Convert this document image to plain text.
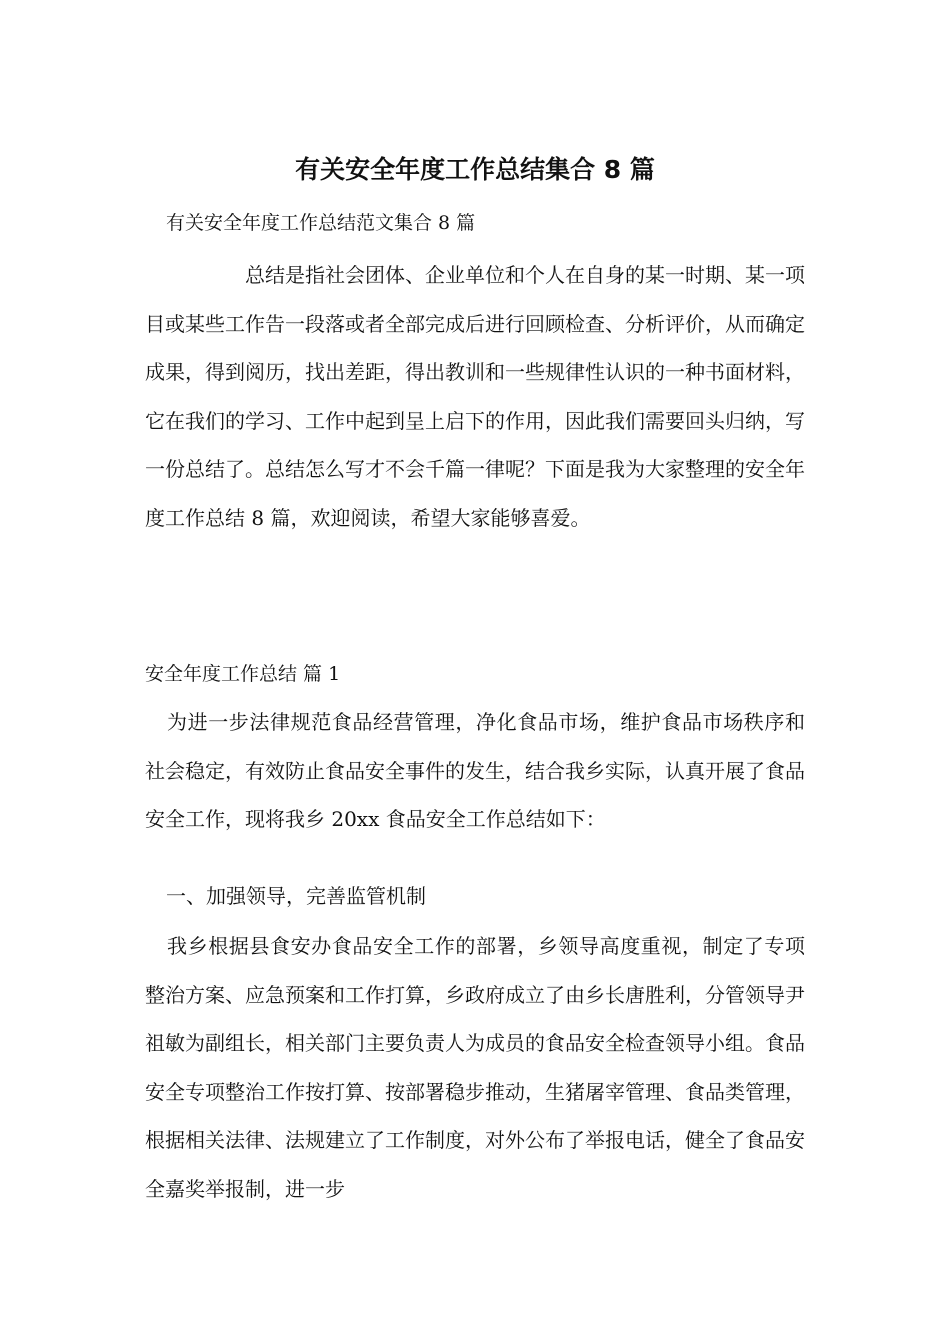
有关安全年度工作总结集合 8 篇

有关安全年度工作总结范文集合 8 篇

总结是指社会团体、企业单位和个人在自身的某一时期、某一项目或某些工作告一段落或者全部完成后进行回顾检查、分析评价，从而确定成果，得到阅历，找出差距，得出教训和一些规律性认识的一种书面材料，它在我们的学习、工作中起到呈上启下的作用，因此我们需要回头归纳，写一份总结了。总结怎么写才不会千篇一律呢？下面是我为大家整理的安全年度工作总结 8 篇，欢迎阅读，希望大家能够喜爱。

安全年度工作总结 篇 1

为进一步法律规范食品经营管理，净化食品市场，维护食品市场秩序和社会稳定，有效防止食品安全事件的发生，结合我乡实际，认真开展了食品安全工作，现将我乡 20xx 食品安全工作总结如下：

一、加强领导，完善监管机制

我乡根据县食安办食品安全工作的部署，乡领导高度重视，制定了专项整治方案、应急预案和工作打算，乡政府成立了由乡长唐胜利，分管领导尹祖敏为副组长，相关部门主要负责人为成员的食品安全检查领导小组。食品安全专项整治工作按打算、按部署稳步推动，生猪屠宰管理、食品类管理，根据相关法律、法规建立了工作制度，对外公布了举报电话，健全了食品安全嘉奖举报制，进一步
